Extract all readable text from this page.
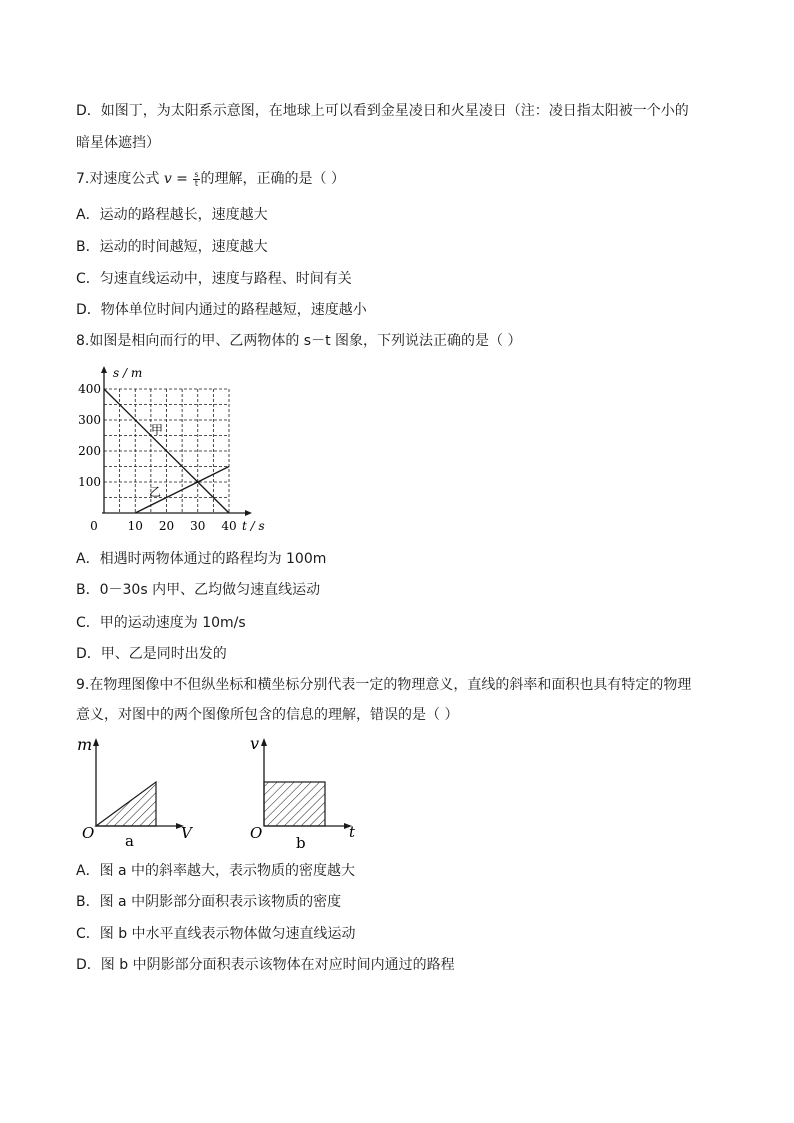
D．如图丁，为太阳系示意图，在地球上可以看到金星凌日和火星凌日（注：凌日指太阳被一个小的
暗星体遮挡）
7.对速度公式 $v = \frac{s}{t}$ 的理解，正确的是（ ）
A．运动的路程越长，速度越大
B．运动的时间越短，速度越大
C．匀速直线运动中，速度与路程、时间有关
D．物体单位时间内通过的路程越短，速度越小
8.如图是相向而行的甲、乙两物体的 s－t 图象，下列说法正确的是（ ）
s / m
t / s
0 10 20 30 40
100
200
300
400
甲
乙
A．相遇时两物体通过的路程均为 100m
B．0－30s 内甲、乙均做匀速直线运动
C．甲的运动速度为 10m/s
D．甲、乙是同时出发的
9.在物理图像中不但纵坐标和横坐标分别代表一定的物理意义，直线的斜率和面积也具有特定的物理
意义，对图中的两个图像所包含的信息的理解，错误的是（ ）
m
O	V
a
v
O	t
b
A．图 a 中的斜率越大，表示物质的密度越大
B．图 a 中阴影部分面积表示该物质的密度
C．图 b 中水平直线表示物体做匀速直线运动
D．图 b 中阴影部分面积表示该物体在对应时间内通过的路程
